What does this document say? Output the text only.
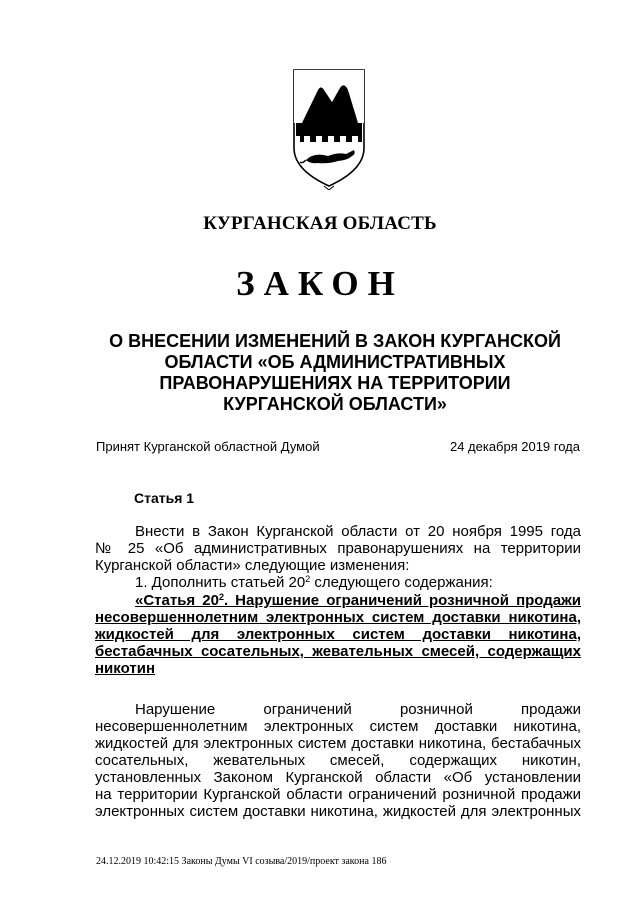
КУРГАНСКАЯ ОБЛАСТЬ
ЗАКОН
О ВНЕСЕНИИ ИЗМЕНЕНИЙ В ЗАКОН КУРГАНСКОЙ
ОБЛАСТИ «ОБ АДМИНИСТРАТИВНЫХ
ПРАВОНАРУШЕНИЯХ НА ТЕРРИТОРИИ
КУРГАНСКОЙ ОБЛАСТИ»
Принят Курганской областной Думой	24 декабря 2019 года
Статья 1
Внести в Закон Курганской области от 20 ноября 1995 года
№ 25 «Об административных правонарушениях на территории
Курганской области» следующие изменения:
1. Дополнить статьей $20^2$ следующего содержания:
«Статья $20^2$. Нарушение ограничений розничной продажи
несовершеннолетним электронных систем доставки никотина,
жидкостей для электронных систем доставки никотина,
бестабачных сосательных, жевательных смесей, содержащих
никотин
Нарушение ограничений розничной продажи
несовершеннолетним электронных систем доставки никотина,
жидкостей для электронных систем доставки никотина, бестабачных
сосательных, жевательных смесей, содержащих никотин,
установленных Законом Курганской области «Об установлении
на территории Курганской области ограничений розничной продажи
электронных систем доставки никотина, жидкостей для электронных
24.12.2019 10:42:15 Законы Думы VI созыва/2019/проект закона 186
